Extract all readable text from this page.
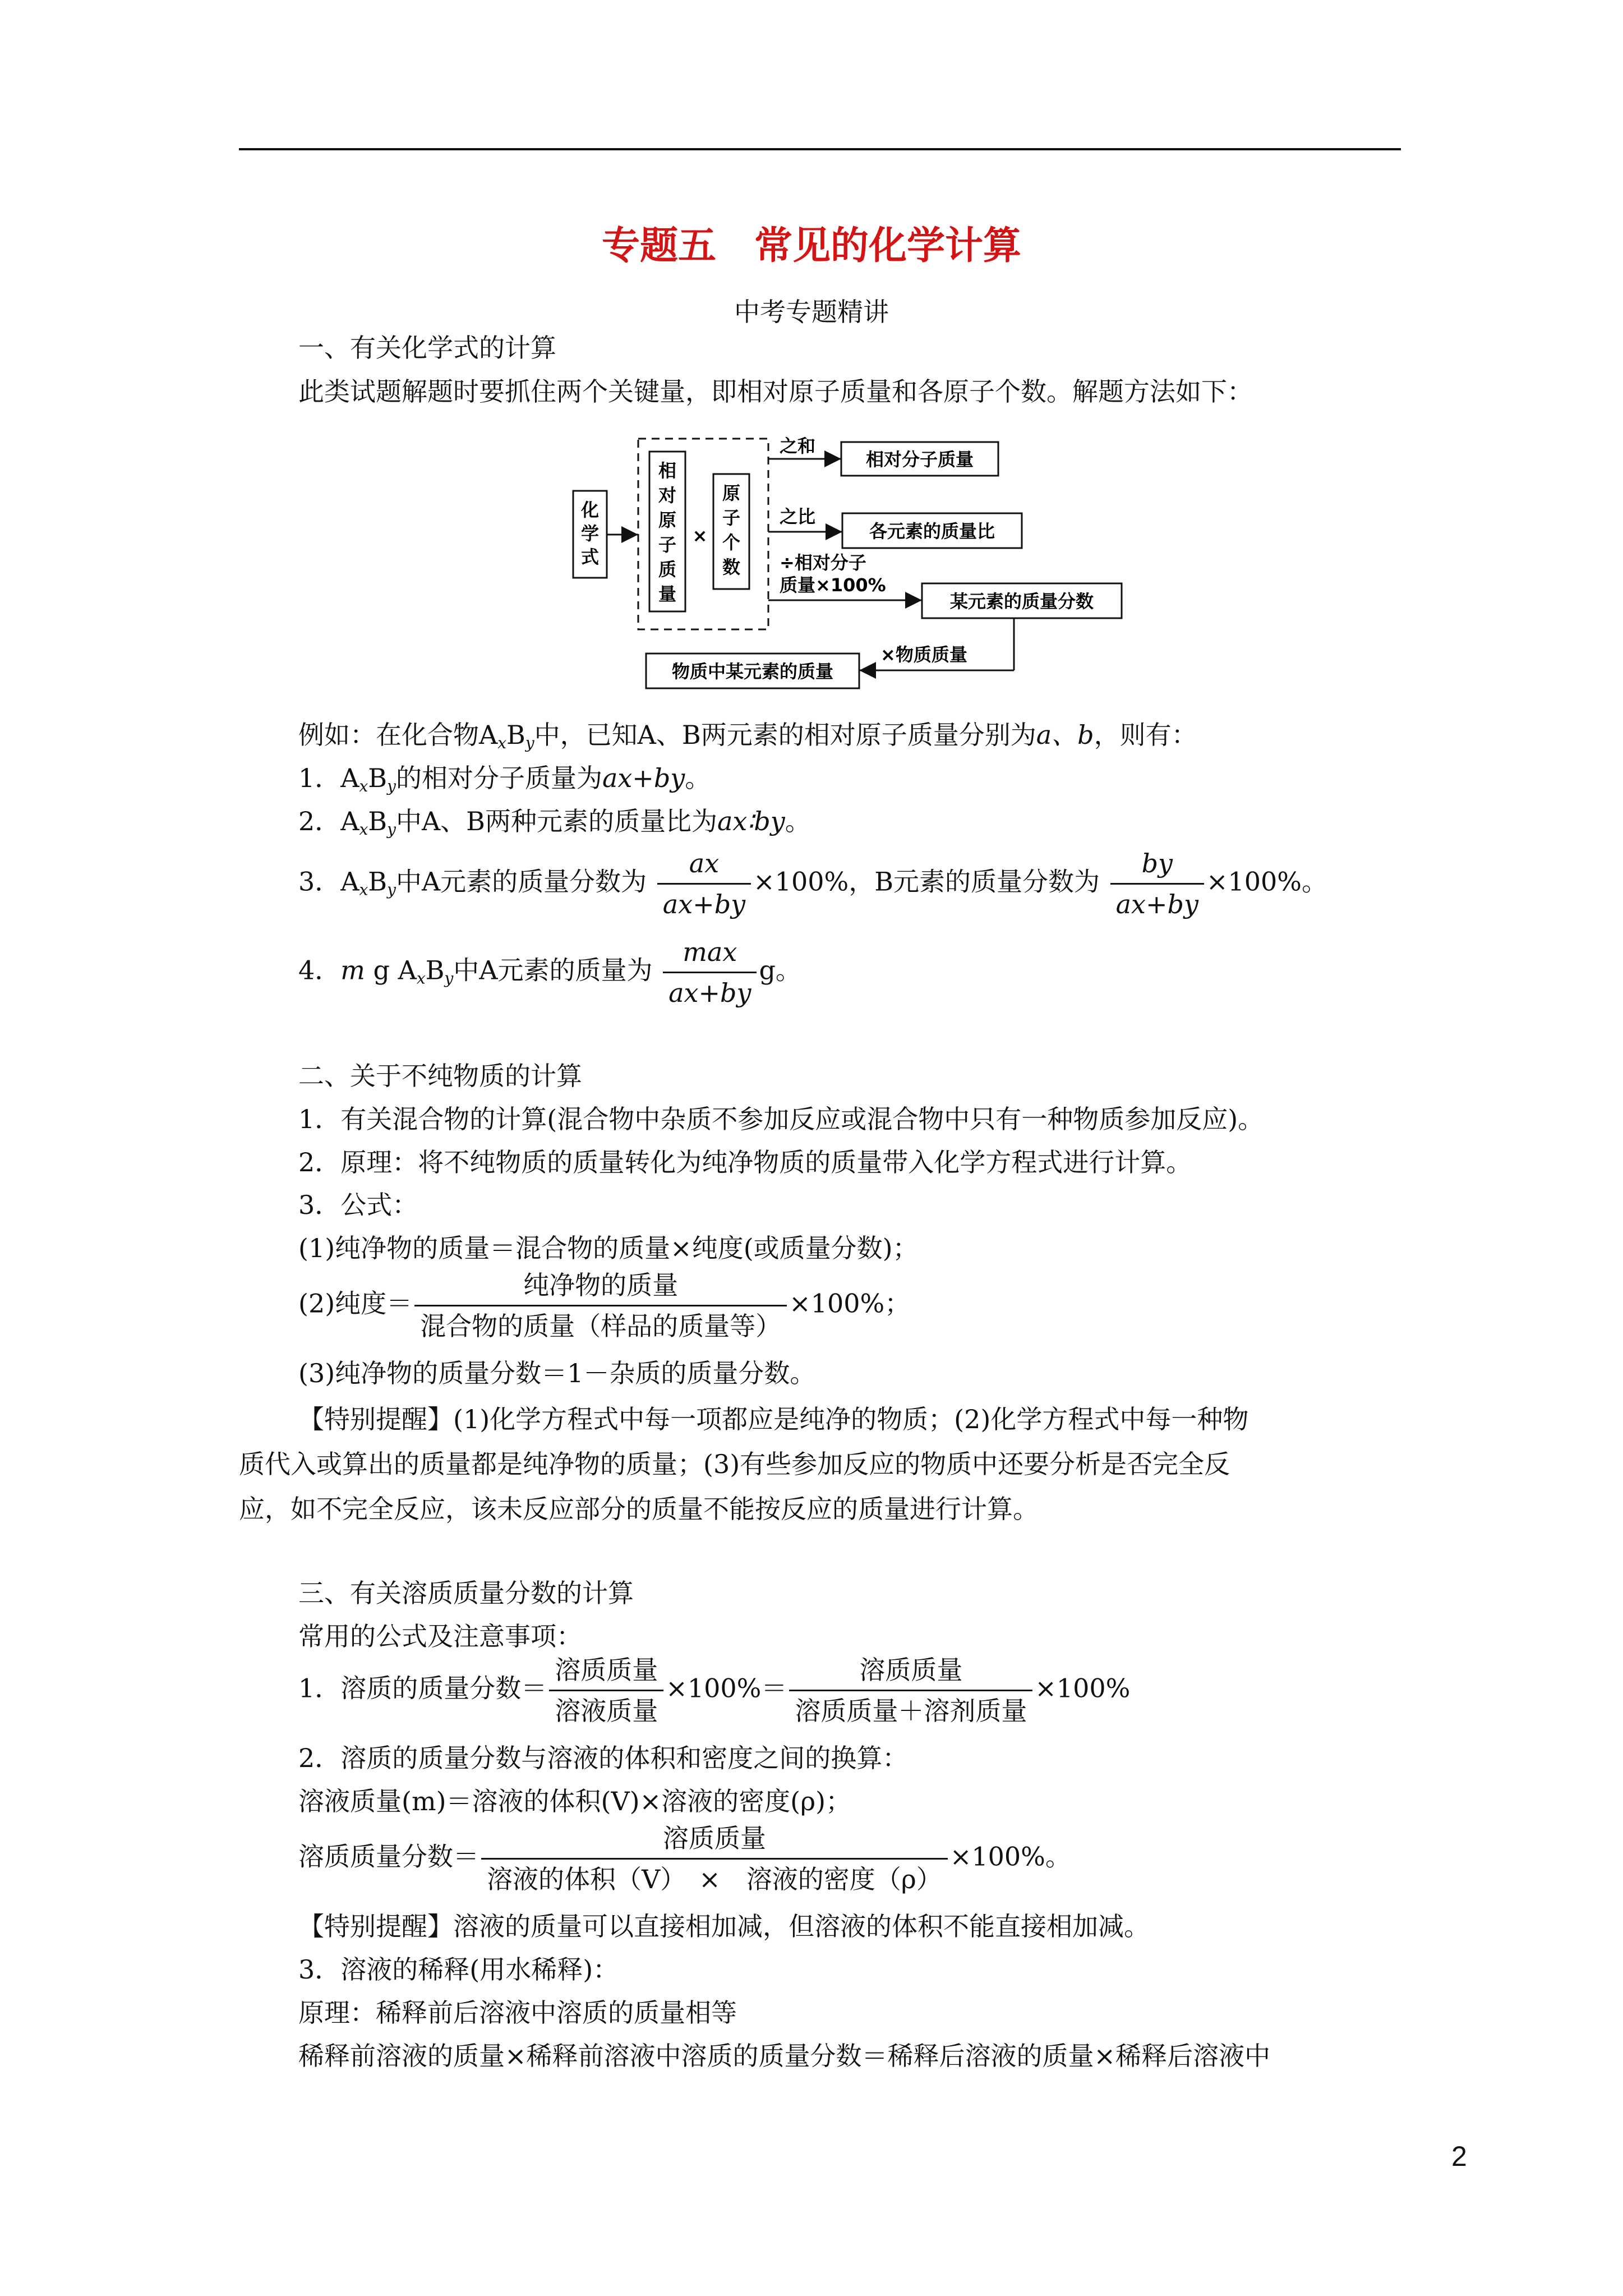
专题五　常见的化学计算
中考专题精讲
一、有关化学式的计算
此类试题解题时要抓住两个关键量，即相对原子质量和各原子个数。解题方法如下：
化
学
式
相
对
原
子
质
量
×
原
子
个
数
之和
相对分子质量
之比
各元素的质量比
÷相对分子
质量×100%
某元素的质量分数
×物质质量
物质中某元素的质量
例如：在化合物$A_xB_y$中，已知A、B两元素的相对原子质量分别为a、b，则有：
1．$A_xB_y$的相对分子质量为ax+by。
2．$A_xB_y$中A、B两种元素的质量比为ax∶by。
3．$A_xB_y$中A元素的质量分数为 $\frac{ax}{ax+by} \times 100\%$，B元素的质量分数为 $\frac{by}{ax+by} \times 100\%$。
4．m g $A_xB_y$中A元素的质量为 $\frac{\max}{ax+by}$ g。
二、关于不纯物质的计算
1．有关混合物的计算(混合物中杂质不参加反应或混合物中只有一种物质参加反应)。
2．原理：将不纯物质的质量转化为纯净物质的质量带入化学方程式进行计算。
3．公式：
(1)纯净物的质量＝混合物的质量×纯度(或质量分数)；
(2)纯度＝ $\frac{\text{纯净物的质量}}{\text{混合物的质量（样品的质量等）}} \times 100\%$；
(3)纯净物的质量分数＝1－杂质的质量分数。
【特别提醒】(1)化学方程式中每一项都应是纯净的物质；(2)化学方程式中每一种物
质代入或算出的质量都是纯净物的质量；(3)有些参加反应的物质中还要分析是否完全反
应，如不完全反应，该未反应部分的质量不能按反应的质量进行计算。
三、有关溶质质量分数的计算
常用的公式及注意事项：
1．溶质的质量分数＝ $\frac{\text{溶质质量}}{\text{溶液质量}} \times 100\%= \frac{\text{溶质质量}}{\text{溶质质量＋溶剂质量}} \times 100\%$
2．溶质的质量分数与溶液的体积和密度之间的换算：
溶液质量(m)＝溶液的体积(V)×溶液的密度(ρ)；
溶质质量分数＝ $\frac{\text{溶质质量}}{\text{溶液的体积（V）　×　溶液的密度（ρ）}} \times 100\%$。
【特别提醒】溶液的质量可以直接相加减，但溶液的体积不能直接相加减。
3．溶液的稀释(用水稀释)：
原理：稀释前后溶液中溶质的质量相等
稀释前溶液的质量×稀释前溶液中溶质的质量分数＝稀释后溶液的质量×稀释后溶液中
2
